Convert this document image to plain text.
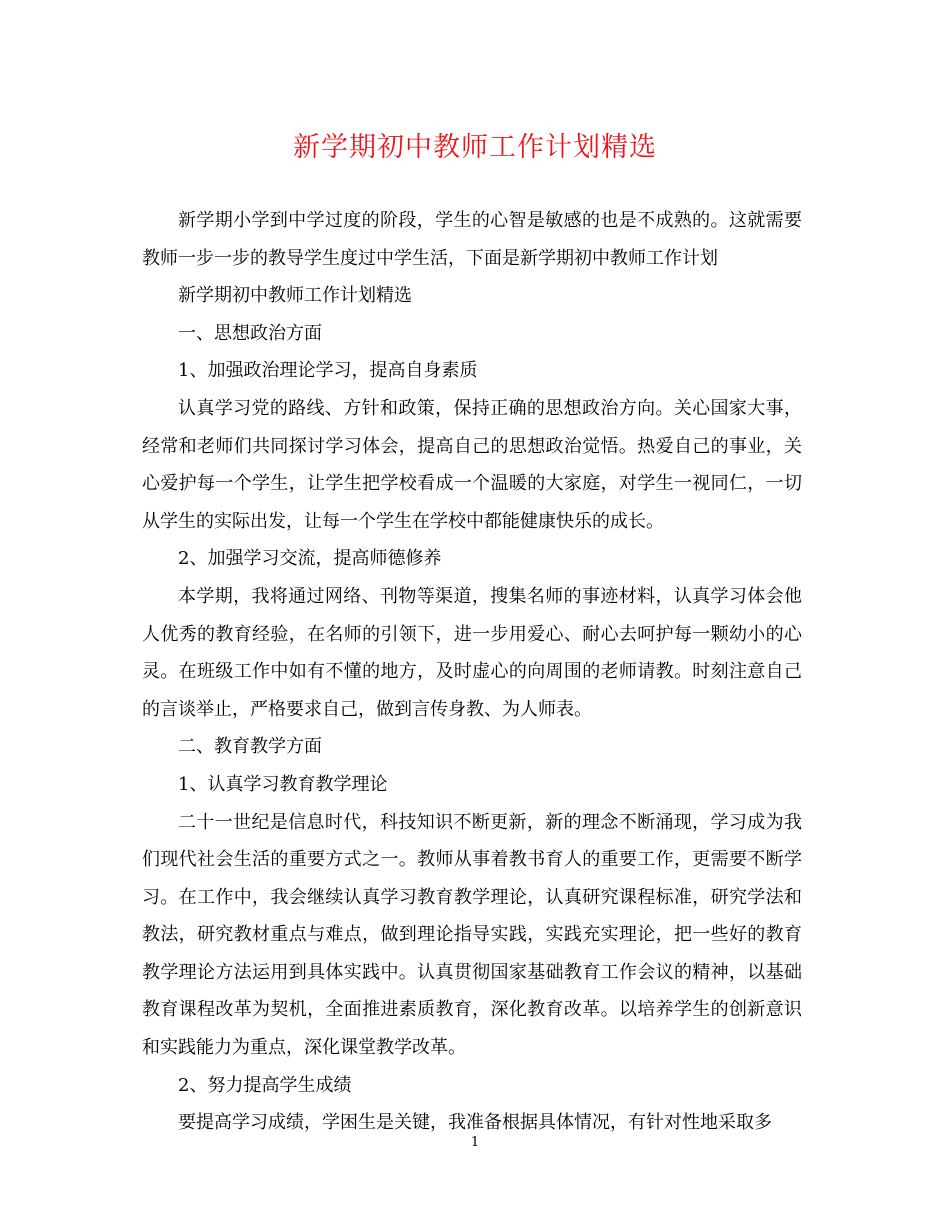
新学期初中教师工作计划精选

新学期小学到中学过度的阶段，学生的心智是敏感的也是不成熟的。这就需要教师一步一步的教导学生度过中学生活，下面是新学期初中教师工作计划

新学期初中教师工作计划精选

一、思想政治方面

1、加强政治理论学习，提高自身素质

认真学习党的路线、方针和政策，保持正确的思想政治方向。关心国家大事，经常和老师们共同探讨学习体会，提高自己的思想政治觉悟。热爱自己的事业，关心爱护每一个学生，让学生把学校看成一个温暖的大家庭，对学生一视同仁，一切从学生的实际出发，让每一个学生在学校中都能健康快乐的成长。

2、加强学习交流，提高师德修养

本学期，我将通过网络、刊物等渠道，搜集名师的事迹材料，认真学习体会他人优秀的教育经验，在名师的引领下，进一步用爱心、耐心去呵护每一颗幼小的心灵。在班级工作中如有不懂的地方，及时虚心的向周围的老师请教。时刻注意自己的言谈举止，严格要求自己，做到言传身教、为人师表。

二、教育教学方面

1、认真学习教育教学理论

二十一世纪是信息时代，科技知识不断更新，新的理念不断涌现，学习成为我们现代社会生活的重要方式之一。教师从事着教书育人的重要工作，更需要不断学习。在工作中，我会继续认真学习教育教学理论，认真研究课程标准，研究学法和教法，研究教材重点与难点，做到理论指导实践，实践充实理论，把一些好的教育教学理论方法运用到具体实践中。认真贯彻国家基础教育工作会议的精神，以基础教育课程改革为契机，全面推进素质教育，深化教育改革。以培养学生的创新意识和实践能力为重点，深化课堂教学改革。

2、努力提高学生成绩

要提高学习成绩，学困生是关键，我准备根据具体情况，有针对性地采取多

1
